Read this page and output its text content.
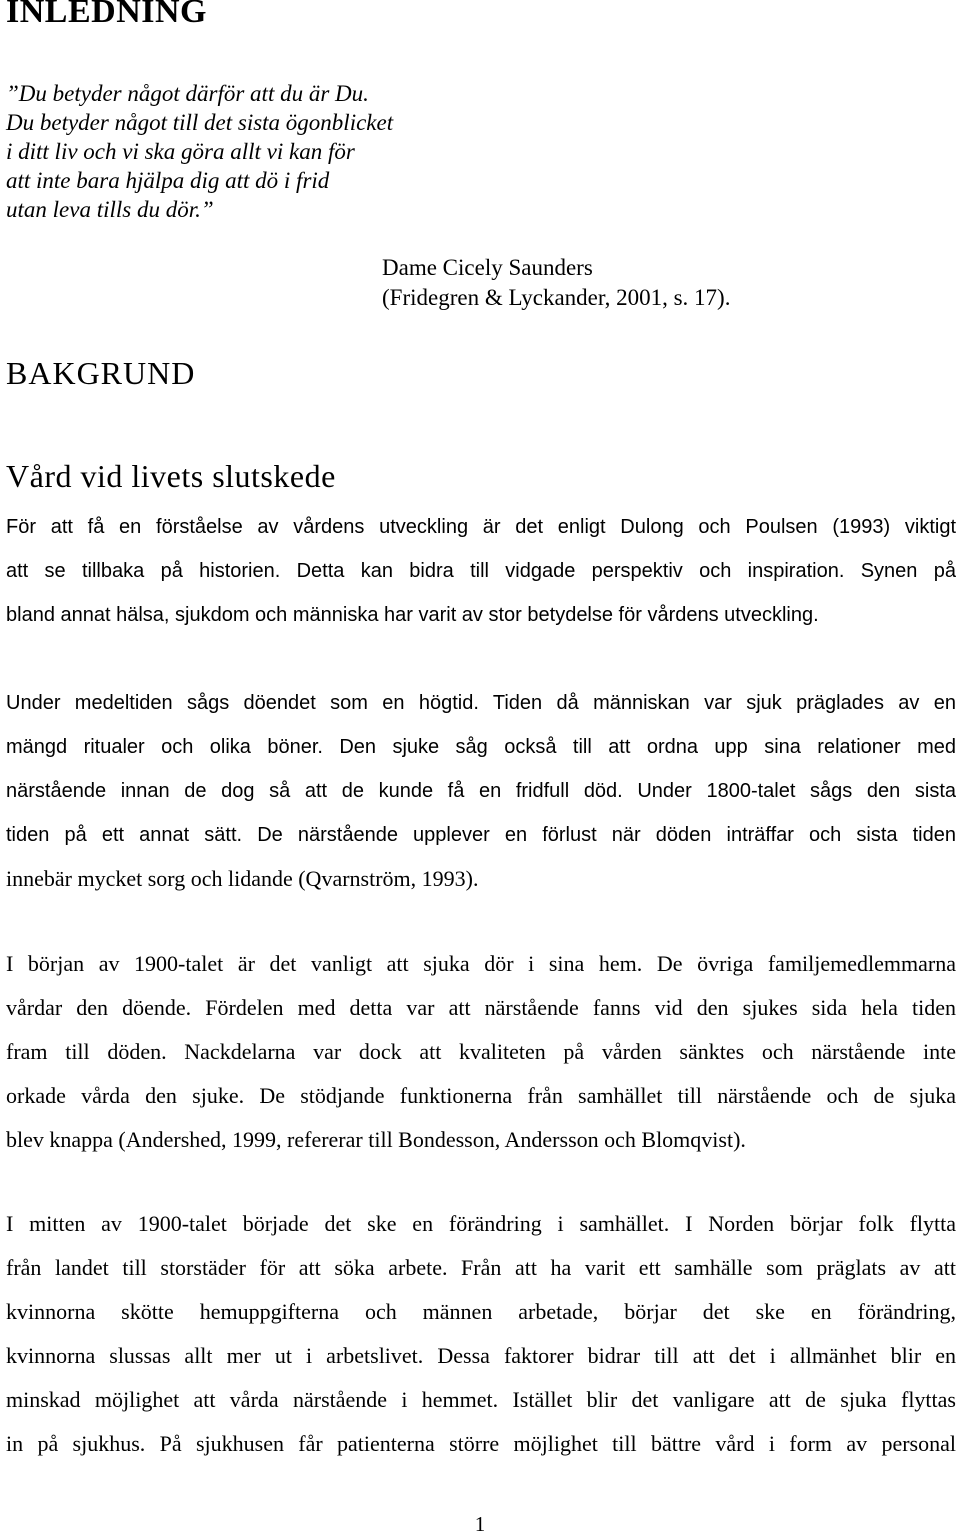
INLEDNING
”Du betyder något därför att du är Du.
Du betyder något till det sista ögonblicket
i ditt liv och vi ska göra allt vi kan för
att inte bara hjälpa dig att dö i frid
utan leva tills du dör.”
Dame Cicely Saunders
(Fridegren & Lyckander, 2001, s. 17).
BAKGRUND
Vård vid livets slutskede
För att få en förståelse av vårdens utveckling är det enligt Dulong och Poulsen (1993) viktigt
att se tillbaka på historien. Detta kan bidra till vidgade perspektiv och inspiration. Synen på
bland annat hälsa, sjukdom och människa har varit av stor betydelse för vårdens utveckling.
Under medeltiden sågs döendet som en högtid. Tiden då människan var sjuk präglades av en
mängd ritualer och olika böner. Den sjuke såg också till att ordna upp sina relationer med
närstående innan de dog så att de kunde få en fridfull död. Under 1800-talet sågs den sista
tiden på ett annat sätt. De närstående upplever en förlust när döden inträffar och sista tiden
innebär mycket sorg och lidande (Qvarnström, 1993).
I början av 1900-talet är det vanligt att sjuka dör i sina hem. De övriga familjemedlemmarna
vårdar den döende. Fördelen med detta var att närstående fanns vid den sjukes sida hela tiden
fram till döden. Nackdelarna var dock att kvaliteten på vården sänktes och närstående inte
orkade vårda den sjuke. De stödjande funktionerna från samhället till närstående och de sjuka
blev knappa (Andershed, 1999, refererar till Bondesson, Andersson och Blomqvist).
I mitten av 1900-talet började det ske en förändring i samhället. I Norden börjar folk flytta
från landet till storstäder för att söka arbete. Från att ha varit ett samhälle som präglats av att
kvinnorna skötte hemuppgifterna och männen arbetade, börjar det ske en förändring,
kvinnorna slussas allt mer ut i arbetslivet. Dessa faktorer bidrar till att det i allmänhet blir en
minskad möjlighet att vårda närstående i hemmet. Istället blir det vanligare att de sjuka flyttas
in på sjukhus. På sjukhusen får patienterna större möjlighet till bättre vård i form av personal
1
